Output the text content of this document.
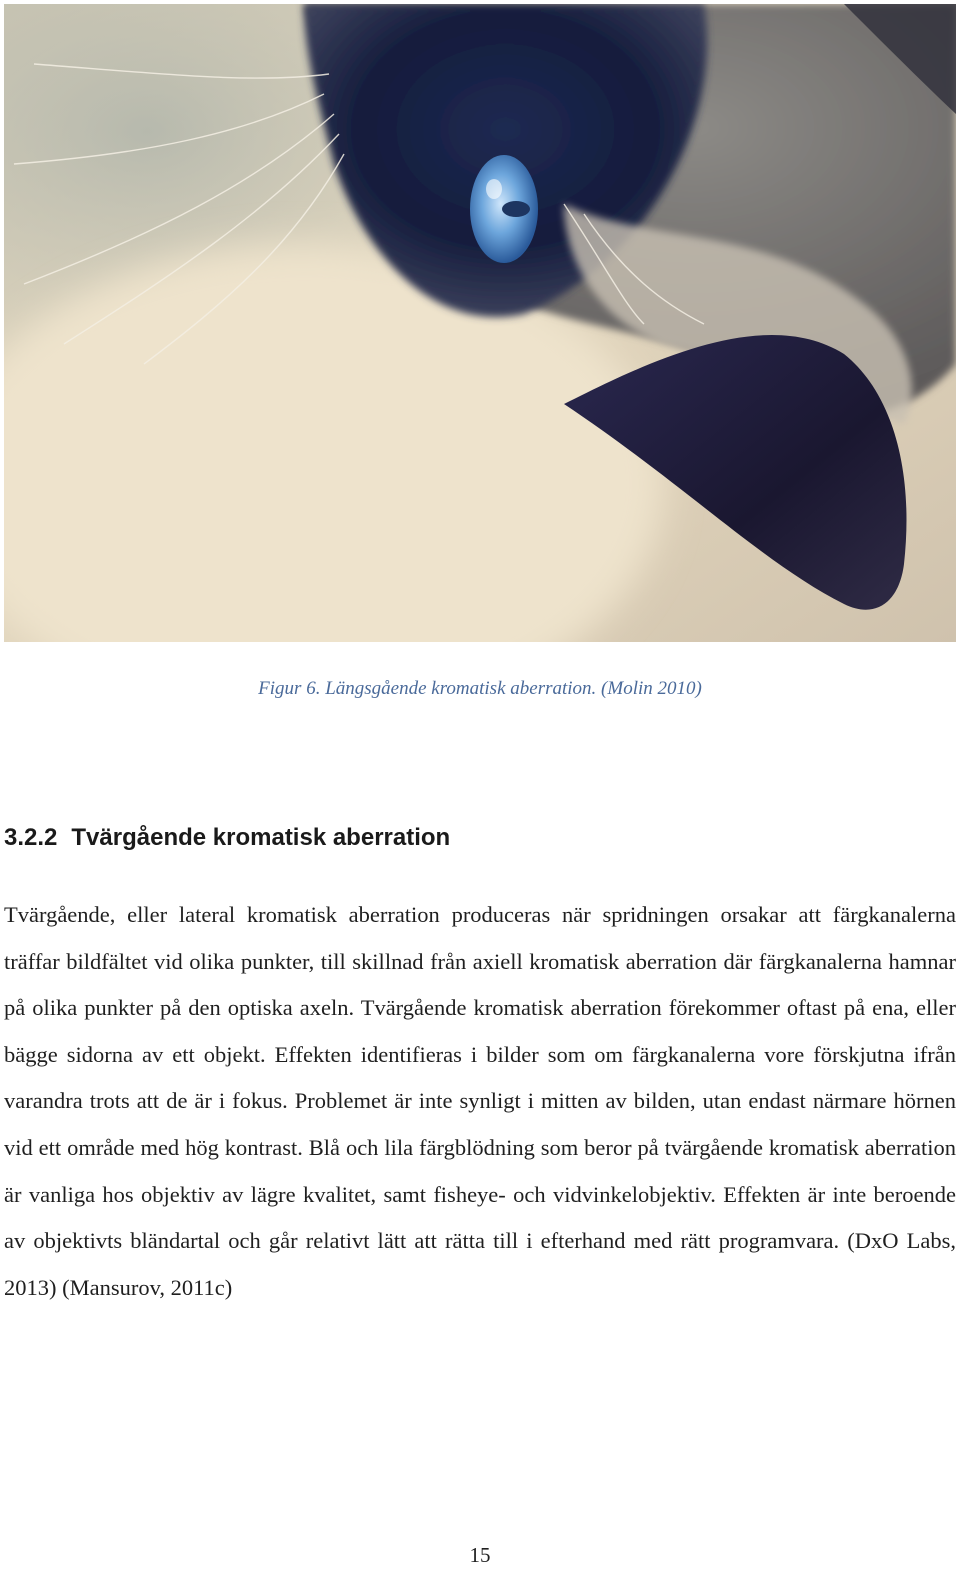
Figur 6. Längsgående kromatisk aberration. (Molin 2010)
3.2.2 Tvärgående kromatisk aberration
Tvärgående, eller lateral kromatisk aberration produceras när spridningen orsakar att färgkanalerna träffar bildfältet vid olika punkter, till skillnad från axiell kromatisk aberration där färgkanalerna hamnar på olika punkter på den optiska axeln. Tvärgående kromatisk aberration förekommer oftast på ena, eller bägge sidorna av ett objekt. Effekten identifieras i bilder som om färgkanalerna vore förskjutna ifrån varandra trots att de är i fokus. Problemet är inte synligt i mitten av bilden, utan endast närmare hörnen vid ett område med hög kontrast. Blå och lila färgblödning som beror på tvärgående kromatisk aberration är vanliga hos objektiv av lägre kvalitet, samt fisheye- och vidvinkelobjektiv. Effekten är inte beroende av objektivts bländartal och går relativt lätt att rätta till i efterhand med rätt programvara. (DxO Labs, 2013) (Mansurov, 2011c)
15
